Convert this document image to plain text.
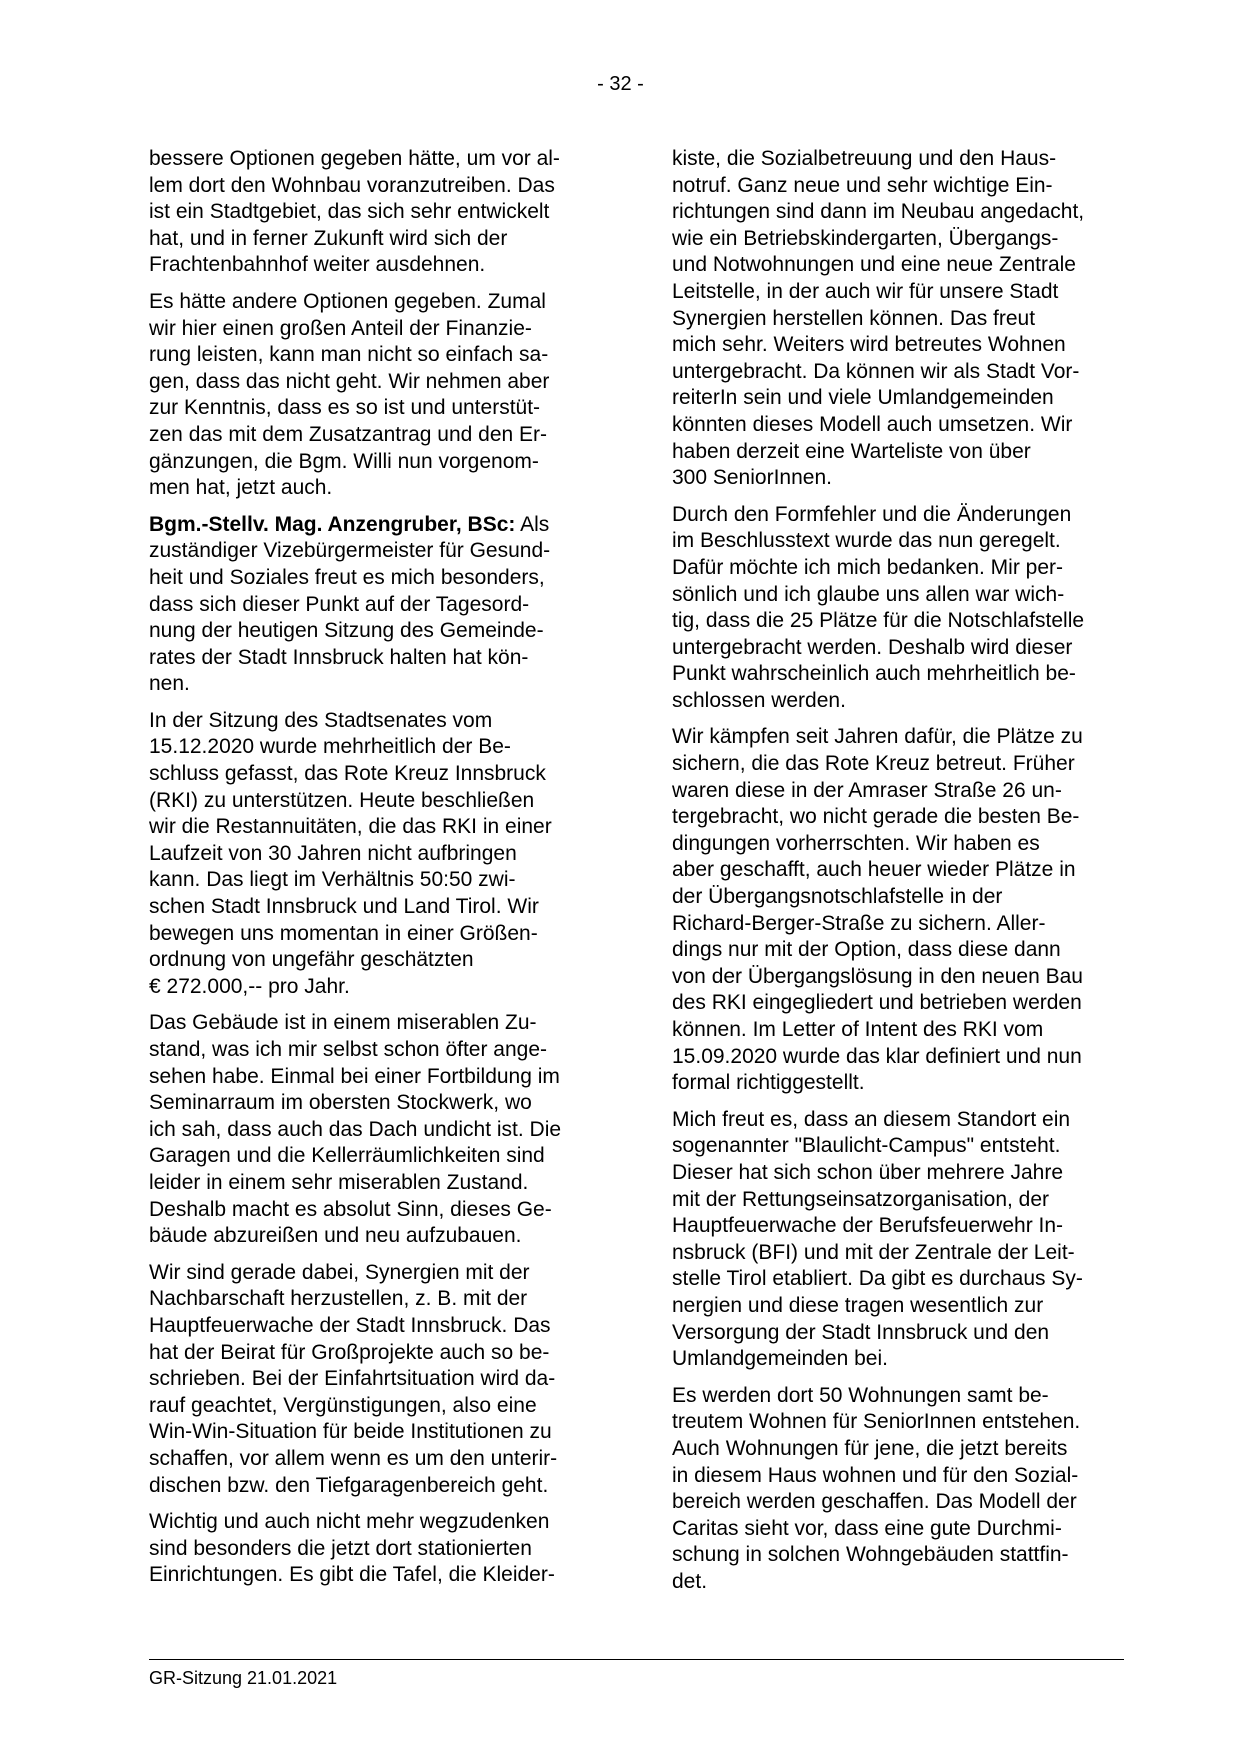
- 32 -
bessere Optionen gegeben hätte, um vor al-
lem dort den Wohnbau voranzutreiben. Das
ist ein Stadtgebiet, das sich sehr entwickelt
hat, und in ferner Zukunft wird sich der
Frachtenbahnhof weiter ausdehnen.
Es hätte andere Optionen gegeben. Zumal
wir hier einen großen Anteil der Finanzie-
rung leisten, kann man nicht so einfach sa-
gen, dass das nicht geht. Wir nehmen aber
zur Kenntnis, dass es so ist und unterstüt-
zen das mit dem Zusatzantrag und den Er-
gänzungen, die Bgm. Willi nun vorgenom-
men hat, jetzt auch.
Bgm.-Stellv. Mag. Anzengruber, BSc: Als
zuständiger Vizebürgermeister für Gesund-
heit und Soziales freut es mich besonders,
dass sich dieser Punkt auf der Tagesord-
nung der heutigen Sitzung des Gemeinde-
rates der Stadt Innsbruck halten hat kön-
nen.
In der Sitzung des Stadtsenates vom
15.12.2020 wurde mehrheitlich der Be-
schluss gefasst, das Rote Kreuz Innsbruck
(RKI) zu unterstützen. Heute beschließen
wir die Restannuitäten, die das RKI in einer
Laufzeit von 30 Jahren nicht aufbringen
kann. Das liegt im Verhältnis 50:50 zwi-
schen Stadt Innsbruck und Land Tirol. Wir
bewegen uns momentan in einer Größen-
ordnung von ungefähr geschätzten
€ 272.000,-- pro Jahr.
Das Gebäude ist in einem miserablen Zu-
stand, was ich mir selbst schon öfter ange-
sehen habe. Einmal bei einer Fortbildung im
Seminarraum im obersten Stockwerk, wo
ich sah, dass auch das Dach undicht ist. Die
Garagen und die Kellerräumlichkeiten sind
leider in einem sehr miserablen Zustand.
Deshalb macht es absolut Sinn, dieses Ge-
bäude abzureißen und neu aufzubauen.
Wir sind gerade dabei, Synergien mit der
Nachbarschaft herzustellen, z. B. mit der
Hauptfeuerwache der Stadt Innsbruck. Das
hat der Beirat für Großprojekte auch so be-
schrieben. Bei der Einfahrtsituation wird da-
rauf geachtet, Vergünstigungen, also eine
Win-Win-Situation für beide Institutionen zu
schaffen, vor allem wenn es um den unterir-
dischen bzw. den Tiefgaragenbereich geht.
Wichtig und auch nicht mehr wegzudenken
sind besonders die jetzt dort stationierten
Einrichtungen. Es gibt die Tafel, die Kleider-
kiste, die Sozialbetreuung und den Haus-
notruf. Ganz neue und sehr wichtige Ein-
richtungen sind dann im Neubau angedacht,
wie ein Betriebskindergarten, Übergangs-
und Notwohnungen und eine neue Zentrale
Leitstelle, in der auch wir für unsere Stadt
Synergien herstellen können. Das freut
mich sehr. Weiters wird betreutes Wohnen
untergebracht. Da können wir als Stadt Vor-
reiterIn sein und viele Umlandgemeinden
könnten dieses Modell auch umsetzen. Wir
haben derzeit eine Warteliste von über
300 SeniorInnen.
Durch den Formfehler und die Änderungen
im Beschlusstext wurde das nun geregelt.
Dafür möchte ich mich bedanken. Mir per-
sönlich und ich glaube uns allen war wich-
tig, dass die 25 Plätze für die Notschlafstelle
untergebracht werden. Deshalb wird dieser
Punkt wahrscheinlich auch mehrheitlich be-
schlossen werden.
Wir kämpfen seit Jahren dafür, die Plätze zu
sichern, die das Rote Kreuz betreut. Früher
waren diese in der Amraser Straße 26 un-
tergebracht, wo nicht gerade die besten Be-
dingungen vorherrschten. Wir haben es
aber geschafft, auch heuer wieder Plätze in
der Übergangsnotschlafstelle in der
Richard-Berger-Straße zu sichern. Aller-
dings nur mit der Option, dass diese dann
von der Übergangslösung in den neuen Bau
des RKI eingegliedert und betrieben werden
können. Im Letter of Intent des RKI vom
15.09.2020 wurde das klar definiert und nun
formal richtiggestellt.
Mich freut es, dass an diesem Standort ein
sogenannter "Blaulicht-Campus" entsteht.
Dieser hat sich schon über mehrere Jahre
mit der Rettungseinsatzorganisation, der
Hauptfeuerwache der Berufsfeuerwehr In-
nsbruck (BFI) und mit der Zentrale der Leit-
stelle Tirol etabliert. Da gibt es durchaus Sy-
nergien und diese tragen wesentlich zur
Versorgung der Stadt Innsbruck und den
Umlandgemeinden bei.
Es werden dort 50 Wohnungen samt be-
treutem Wohnen für SeniorInnen entstehen.
Auch Wohnungen für jene, die jetzt bereits
in diesem Haus wohnen und für den Sozial-
bereich werden geschaffen. Das Modell der
Caritas sieht vor, dass eine gute Durchmi-
schung in solchen Wohngebäuden stattfin-
det.
GR-Sitzung 21.01.2021
